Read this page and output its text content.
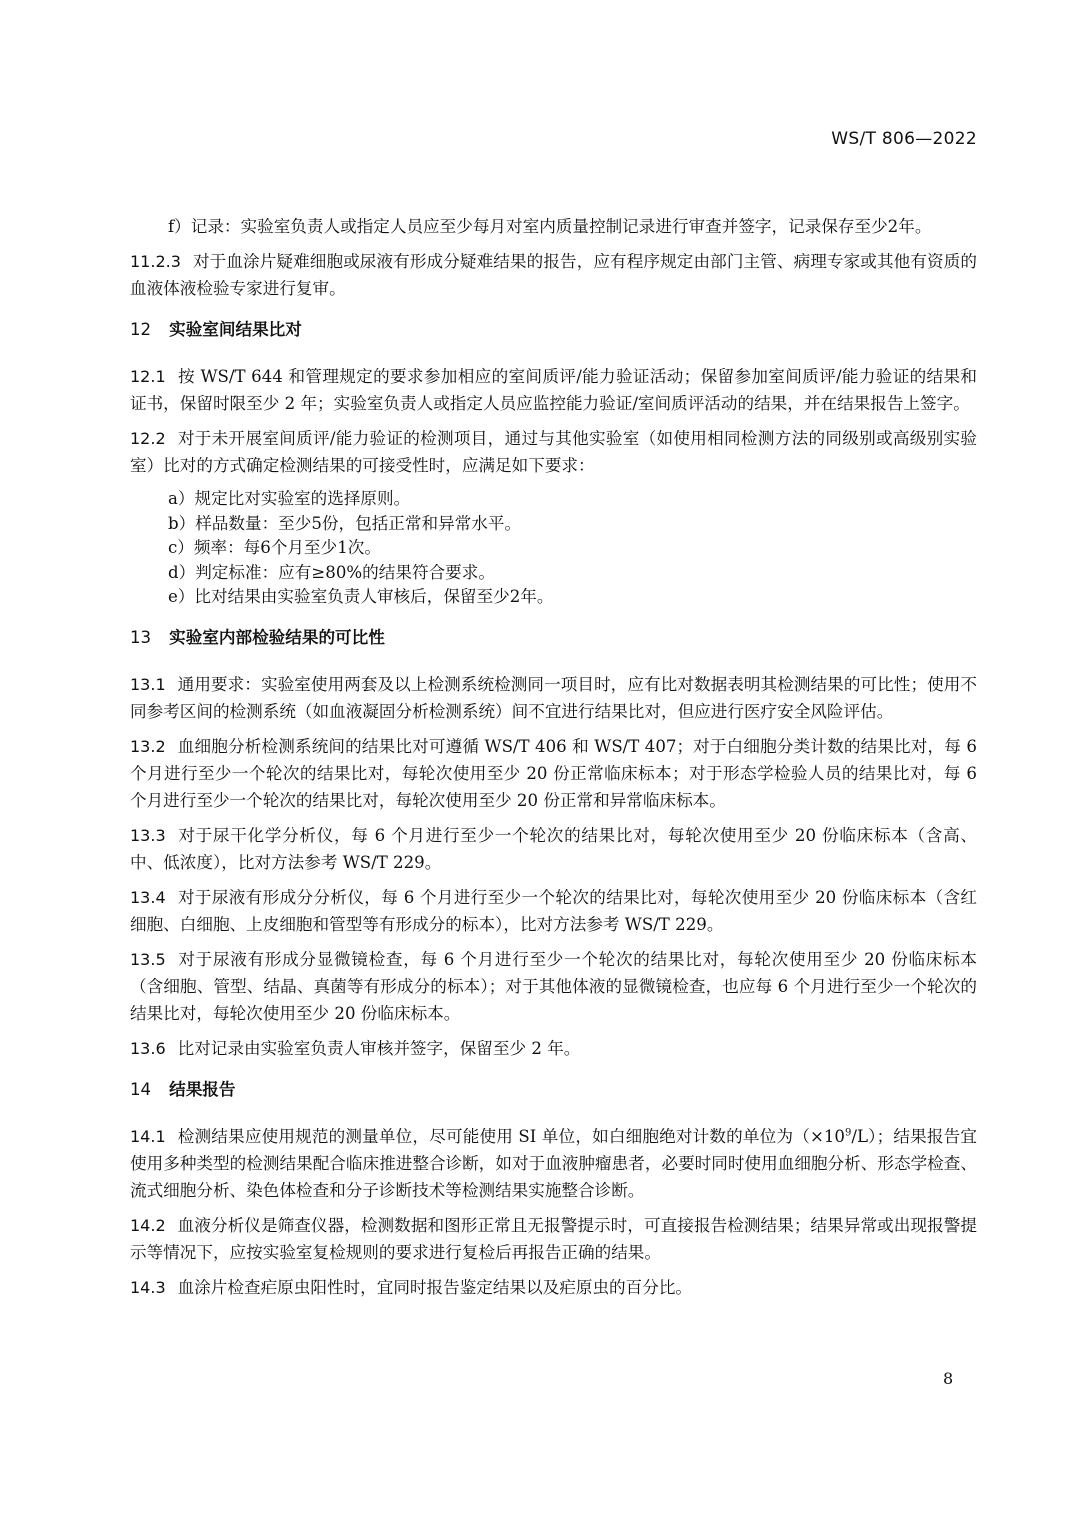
WS/T 806—2022

f）记录：实验室负责人或指定人员应至少每月对室内质量控制记录进行审查并签字，记录保存至少2年。

11.2.3 对于血涂片疑难细胞或尿液有形成分疑难结果的报告，应有程序规定由部门主管、病理专家或其他有资质的血液体液检验专家进行复审。

12 实验室间结果比对

12.1 按 WS/T 644 和管理规定的要求参加相应的室间质评/能力验证活动；保留参加室间质评/能力验证的结果和证书，保留时限至少 2 年；实验室负责人或指定人员应监控能力验证/室间质评活动的结果，并在结果报告上签字。

12.2 对于未开展室间质评/能力验证的检测项目，通过与其他实验室（如使用相同检测方法的同级别或高级别实验室）比对的方式确定检测结果的可接受性时，应满足如下要求：

a）规定比对实验室的选择原则。
b）样品数量：至少5份，包括正常和异常水平。
c）频率：每6个月至少1次。
d）判定标准：应有≥80%的结果符合要求。
e）比对结果由实验室负责人审核后，保留至少2年。
13 实验室内部检验结果的可比性

13.1 通用要求：实验室使用两套及以上检测系统检测同一项目时，应有比对数据表明其检测结果的可比性；使用不同参考区间的检测系统（如血液凝固分析检测系统）间不宜进行结果比对，但应进行医疗安全风险评估。

13.2 血细胞分析检测系统间的结果比对可遵循 WS/T 406 和 WS/T 407；对于白细胞分类计数的结果比对，每 6 个月进行至少一个轮次的结果比对，每轮次使用至少 20 份正常临床标本；对于形态学检验人员的结果比对，每 6 个月进行至少一个轮次的结果比对，每轮次使用至少 20 份正常和异常临床标本。

13.3 对于尿干化学分析仪，每 6 个月进行至少一个轮次的结果比对，每轮次使用至少 20 份临床标本（含高、中、低浓度），比对方法参考 WS/T 229。

13.4 对于尿液有形成分分析仪，每 6 个月进行至少一个轮次的结果比对，每轮次使用至少 20 份临床标本（含红细胞、白细胞、上皮细胞和管型等有形成分的标本），比对方法参考 WS/T 229。

13.5 对于尿液有形成分显微镜检查，每 6 个月进行至少一个轮次的结果比对，每轮次使用至少 20 份临床标本（含细胞、管型、结晶、真菌等有形成分的标本）；对于其他体液的显微镜检查，也应每 6 个月进行至少一个轮次的结果比对，每轮次使用至少 20 份临床标本。

13.6 比对记录由实验室负责人审核并签字，保留至少 2 年。

14 结果报告

14.1 检测结果应使用规范的测量单位，尽可能使用 SI 单位，如白细胞绝对计数的单位为$(\times 10^9/L)$；结果报告宜使用多种类型的检测结果配合临床推进整合诊断，如对于血液肿瘤患者，必要时同时使用血细胞分析、形态学检查、流式细胞分析、染色体检查和分子诊断技术等检测结果实施整合诊断。

14.2 血液分析仪是筛查仪器，检测数据和图形正常且无报警提示时，可直接报告检测结果；结果异常或出现报警提示等情况下，应按实验室复检规则的要求进行复检后再报告正确的结果。

14.3 血涂片检查疟原虫阳性时，宜同时报告鉴定结果以及疟原虫的百分比。

8
